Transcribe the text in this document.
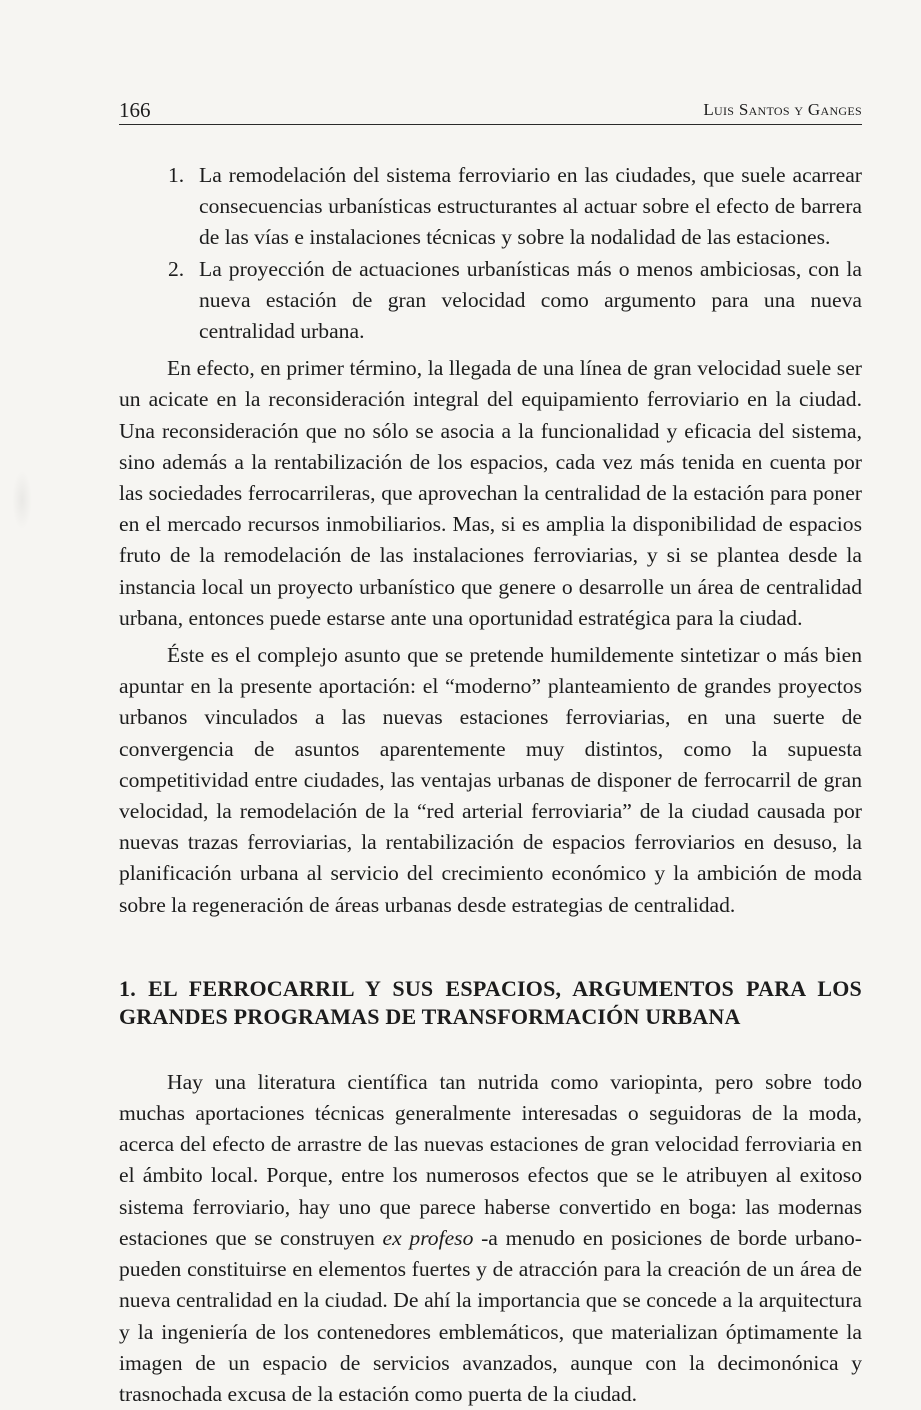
166	Luis Santos y Ganges
1. La remodelación del sistema ferroviario en las ciudades, que suele acarrear consecuencias urbanísticas estructurantes al actuar sobre el efecto de barrera de las vías e instalaciones técnicas y sobre la nodalidad de las estaciones.
2. La proyección de actuaciones urbanísticas más o menos ambiciosas, con la nueva estación de gran velocidad como argumento para una nueva centralidad urbana.

En efecto, en primer término, la llegada de una línea de gran velocidad suele ser un acicate en la reconsideración integral del equipamiento ferroviario en la ciudad. Una reconsideración que no sólo se asocia a la funcionalidad y eficacia del sistema, sino además a la rentabilización de los espacios, cada vez más tenida en cuenta por las sociedades ferrocarrileras, que aprovechan la centralidad de la estación para poner en el mercado recursos inmobiliarios. Mas, si es amplia la disponibilidad de espacios fruto de la remodelación de las instalaciones ferroviarias, y si se plantea desde la instancia local un proyecto urbanístico que genere o desarrolle un área de centralidad urbana, entonces puede estarse ante una oportunidad estratégica para la ciudad.

Éste es el complejo asunto que se pretende humildemente sintetizar o más bien apuntar en la presente aportación: el “moderno” planteamiento de grandes proyectos urbanos vinculados a las nuevas estaciones ferroviarias, en una suerte de convergencia de asuntos aparentemente muy distintos, como la supuesta competitividad entre ciudades, las ventajas urbanas de disponer de ferrocarril de gran velocidad, la remodelación de la “red arterial ferroviaria” de la ciudad causada por nuevas trazas ferroviarias, la rentabilización de espacios ferroviarios en desuso, la planificación urbana al servicio del crecimiento económico y la ambición de moda sobre la regeneración de áreas urbanas desde estrategias de centralidad.

1. EL FERROCARRIL Y SUS ESPACIOS, ARGUMENTOS PARA LOS GRANDES PROGRAMAS DE TRANSFORMACIÓN URBANA

Hay una literatura científica tan nutrida como variopinta, pero sobre todo muchas aportaciones técnicas generalmente interesadas o seguidoras de la moda, acerca del efecto de arrastre de las nuevas estaciones de gran velocidad ferroviaria en el ámbito local. Porque, entre los numerosos efectos que se le atribuyen al exitoso sistema ferroviario, hay uno que parece haberse convertido en boga: las modernas estaciones que se construyen ex profeso -a menudo en posiciones de borde urbano- pueden constituirse en elementos fuertes y de atracción para la creación de un área de nueva centralidad en la ciudad. De ahí la importancia que se concede a la arquitectura y la ingeniería de los contenedores emblemáticos, que materializan óptimamente la imagen de un espacio de servicios avanzados, aunque con la decimonónica y trasnochada excusa de la estación como puerta de la ciudad.
